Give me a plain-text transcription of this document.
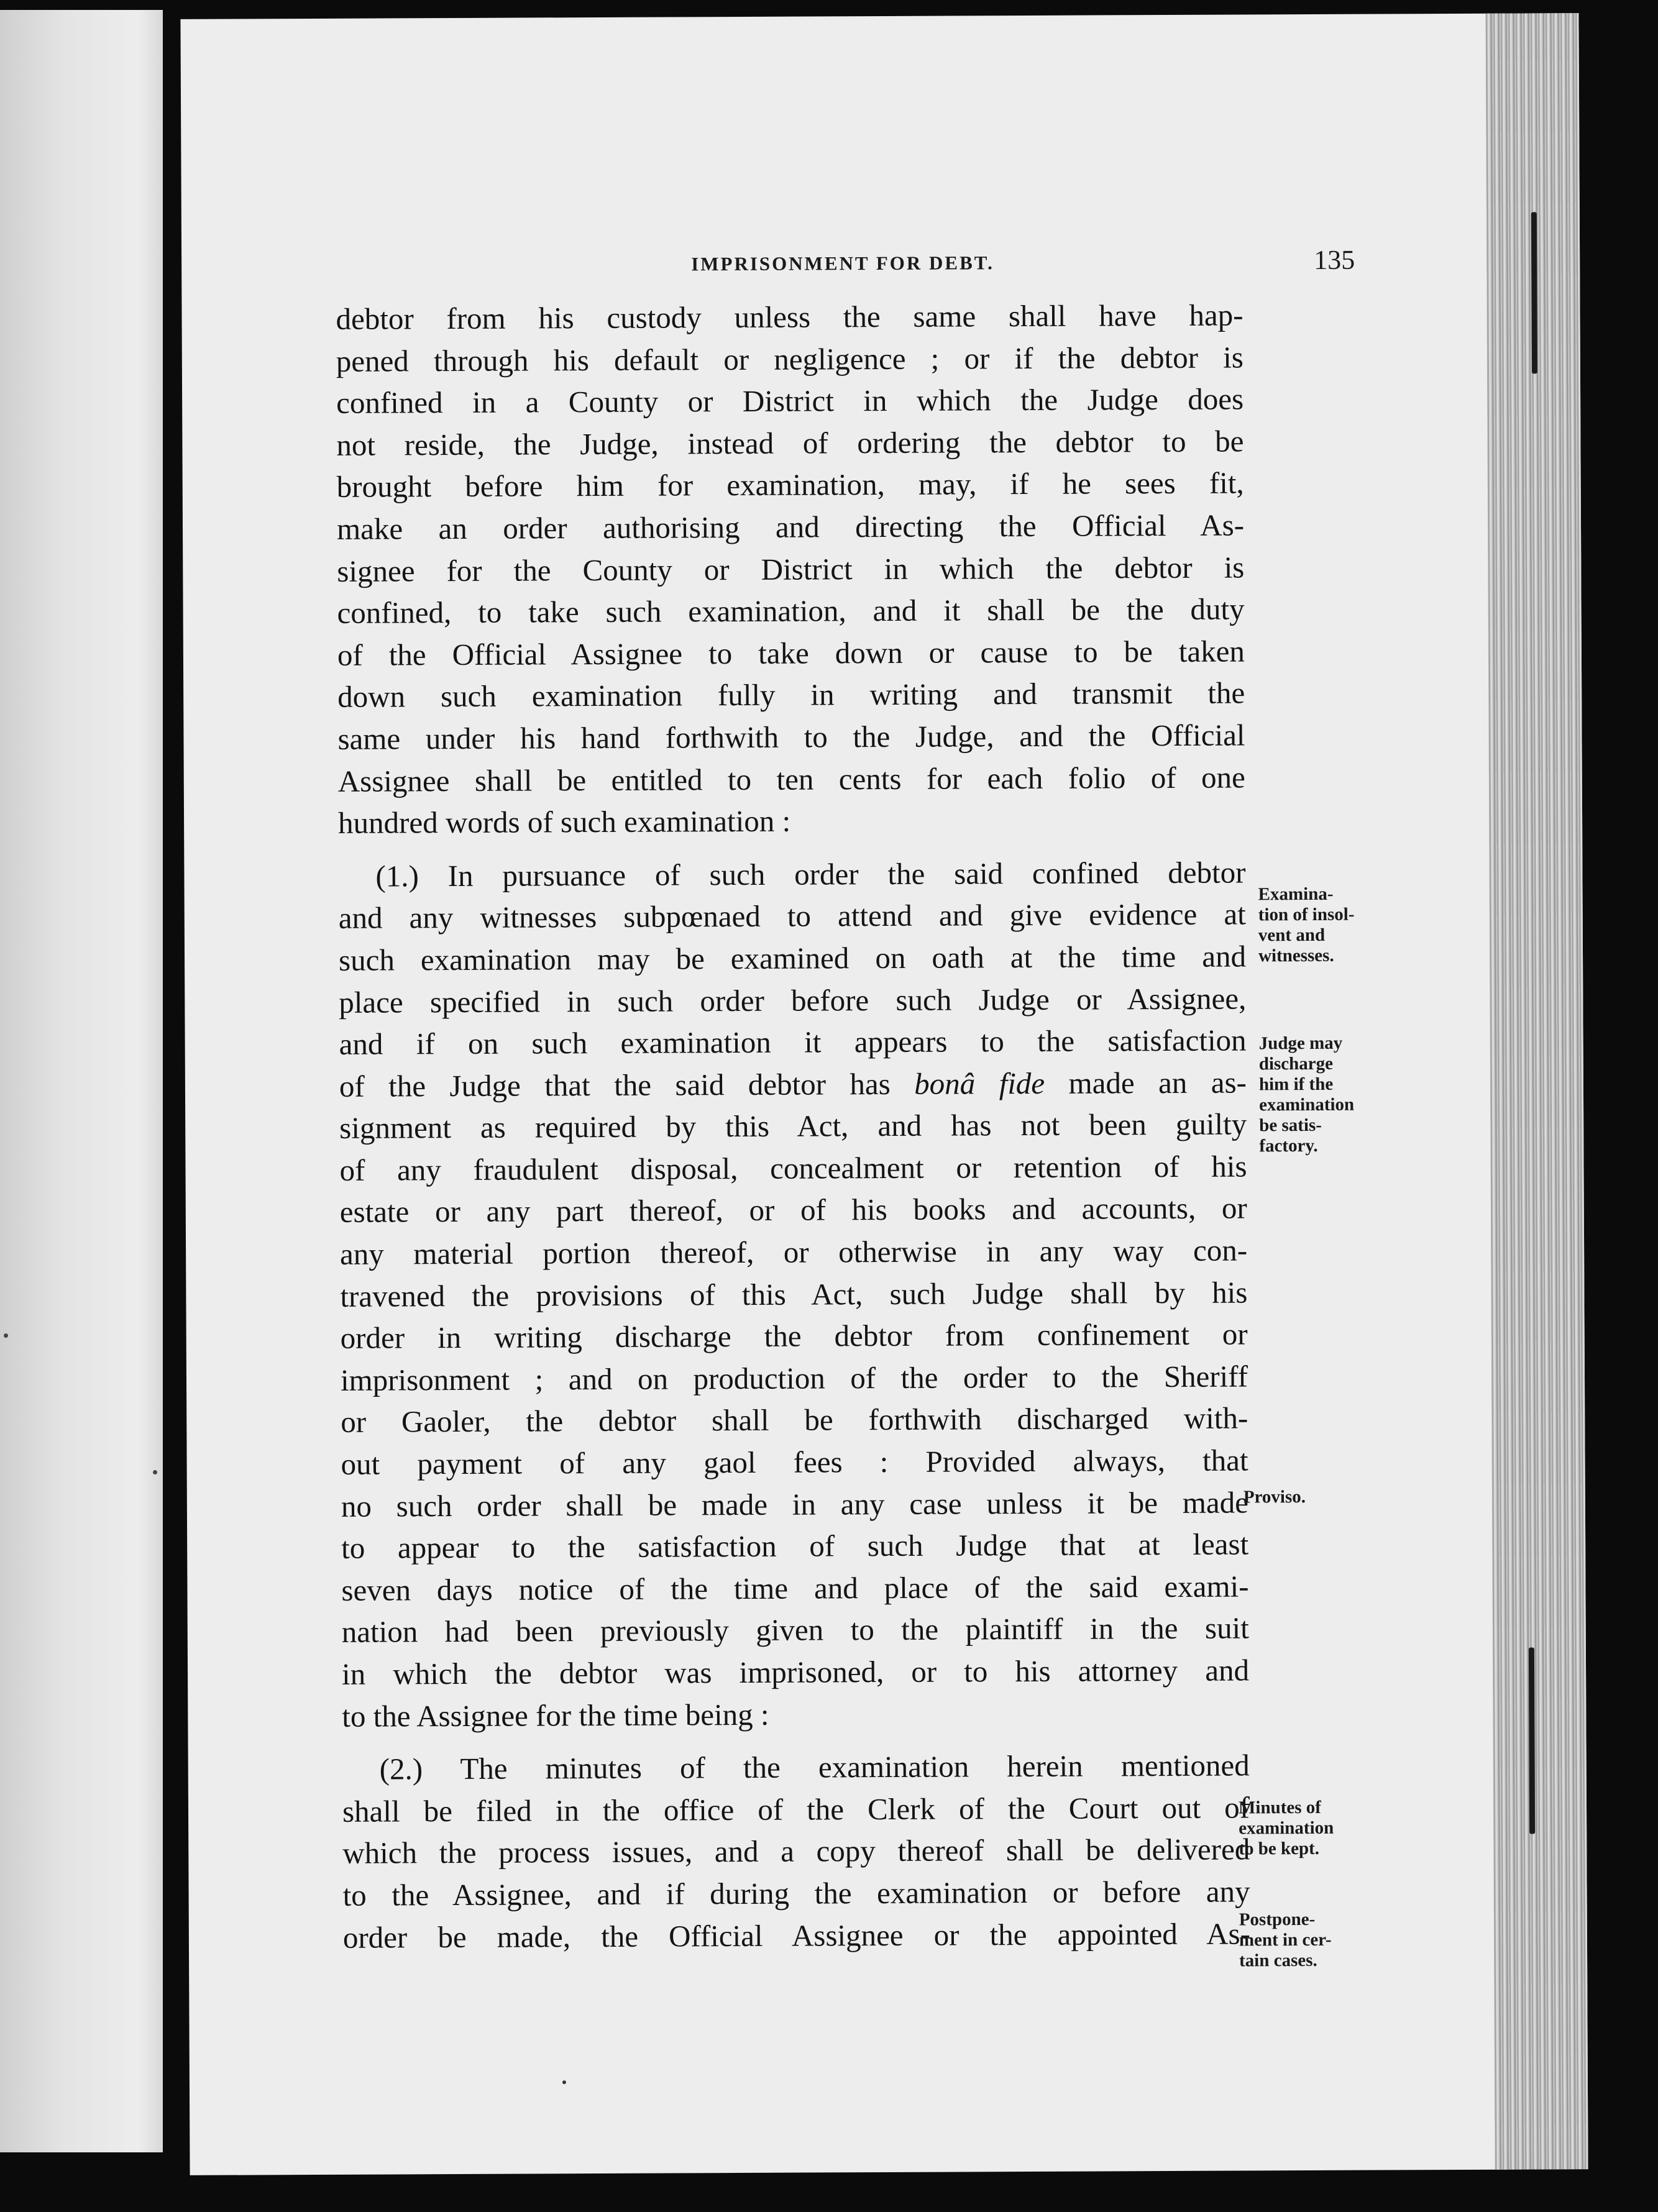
IMPRISONMENT FOR DEBT.	135
debtor from his custody unless the same shall have hap-
pened through his default or negligence ; or if the debtor is
confined in a County or District in which the Judge does
not reside, the Judge, instead of ordering the debtor to be
brought before him for examination, may, if he sees fit,
make an order authorising and directing the Official As-
signee for the County or District in which the debtor is
confined, to take such examination, and it shall be the duty
of the Official Assignee to take down or cause to be taken
down such examination fully in writing and transmit the
same under his hand forthwith to the Judge, and the Official
Assignee shall be entitled to ten cents for each folio of one
hundred words of such examination :
(1.) In pursuance of such order the said confined debtor
and any witnesses subpœnaed to attend and give evidence at
such examination may be examined on oath at the time and
place specified in such order before such Judge or Assignee,
and if on such examination it appears to the satisfaction
of the Judge that the said debtor has bonâ fide made an as-
signment as required by this Act, and has not been guilty
of any fraudulent disposal, concealment or retention of his
estate or any part thereof, or of his books and accounts, or
any material portion thereof, or otherwise in any way con-
travened the provisions of this Act, such Judge shall by his
order in writing discharge the debtor from confinement or
imprisonment ; and on production of the order to the Sheriff
or Gaoler, the debtor shall be forthwith discharged with-
out payment of any gaol fees : Provided always, that
no such order shall be made in any case unless it be made
to appear to the satisfaction of such Judge that at least
seven days notice of the time and place of the said exami-
nation had been previously given to the plaintiff in the suit
in which the debtor was imprisoned, or to his attorney and
to the Assignee for the time being :
(2.) The minutes of the examination herein mentioned
shall be filed in the office of the Clerk of the Court out of
which the process issues, and a copy thereof shall be delivered
to the Assignee, and if during the examination or before any
order be made, the Official Assignee or the appointed As-
Examina-
tion of insol-
vent and
witnesses.
Judge may
discharge
him if the
examination
be satis-
factory.
Proviso.
Minutes of
examination
to be kept.
Postpone-
ment in cer-
tain cases.
